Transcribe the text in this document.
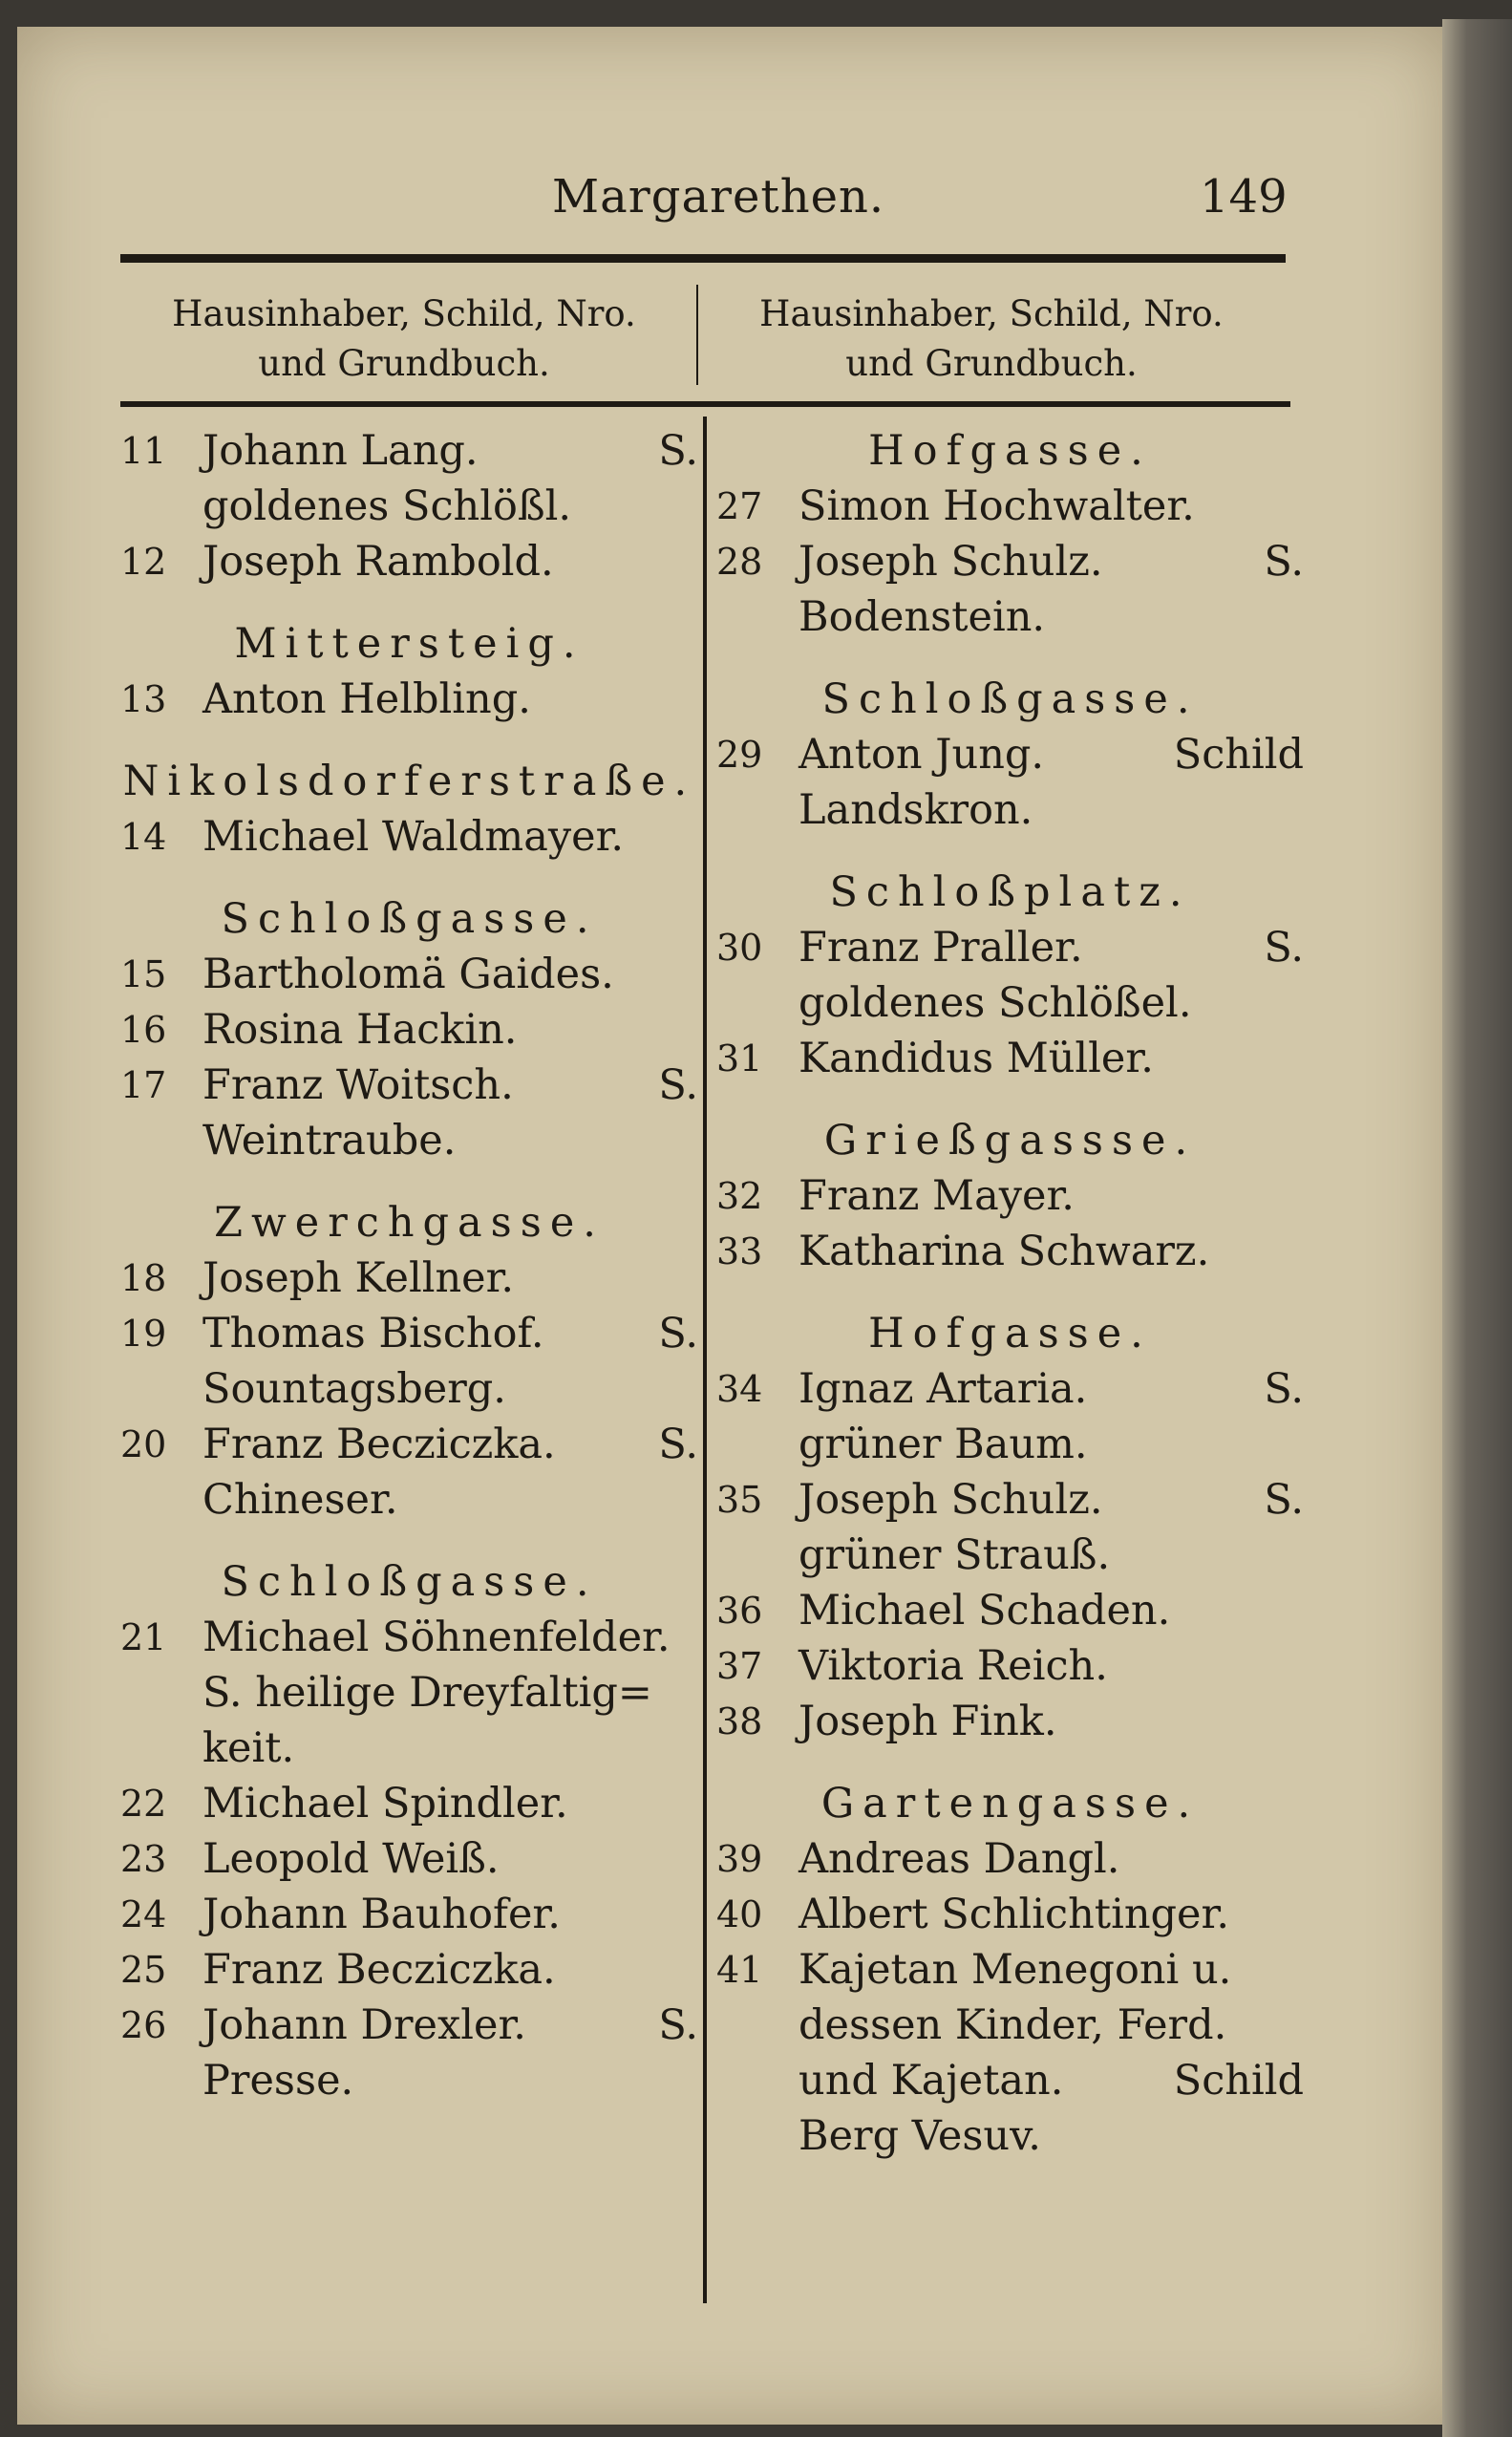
Margarethen.	149
Hausinhaber, Schild, Nro.
und Grundbuch.
Hausinhaber, Schild, Nro.
und Grundbuch.
11 Johann Lang.	S.
goldenes Schlößl.
12 Joseph Rambold.
Mittersteig.
13 Anton Helbling.
Nikolsdorferstraße.
14 Michael Waldmayer.
Schloßgasse.
15 Bartholomä Gaides.
16 Rosina Hackin.
17 Franz Woitsch.	S.
Weintraube.
Zwerchgasse.
18 Joseph Kellner.
19 Thomas Bischof.	S.
Sountagsberg.
20 Franz Becziczka.	S.
Chineser.
Schloßgasse.
21 Michael Söhnenfelder.
S. heilige Dreyfaltig=
keit.
22 Michael Spindler.
23 Leopold Weiß.
24 Johann Bauhofer.
25 Franz Becziczka.
26 Johann Drexler.	S.
Presse.
Hofgasse.
27 Simon Hochwalter.
28 Joseph Schulz.	S.
Bodenstein.
Schloßgasse.
29 Anton Jung.	Schild
Landskron.
Schloßplatz.
30 Franz Praller.	S.
goldenes Schlößel.
31 Kandidus Müller.
Grießgassse.
32 Franz Mayer.
33 Katharina Schwarz.
Hofgasse.
34 Ignaz Artaria.	S.
grüner Baum.
35 Joseph Schulz.	S.
grüner Strauß.
36 Michael Schaden.
37 Viktoria Reich.
38 Joseph Fink.
Gartengasse.
39 Andreas Dangl.
40 Albert Schlichtinger.
41 Kajetan Menegoni u.
dessen Kinder, Ferd.
und Kajetan.	Schild
Berg Vesuv.
